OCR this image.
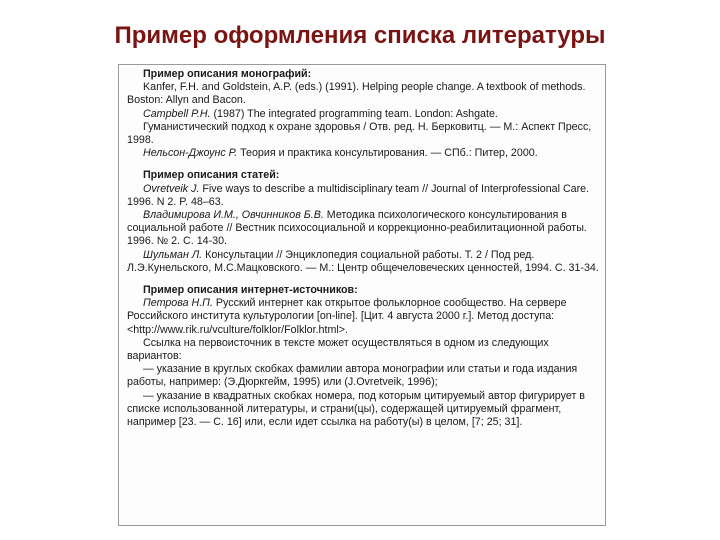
Пример оформления списка литературы
Пример описания монографий:
Kanfer, F.H. and Goldstein, A.P. (eds.) (1991). Helping people change. A textbook of methods. Boston: Allyn and Bacon.
Campbell P.H. (1987) The integrated programming team. London: Ashgate.
Гуманистический подход к охране здоровья / Отв. ред. Н. Берковитц. — М.: Аспект Пресс, 1998.
Нельсон-Джоунс Р. Теория и практика консультирования. — СПб.: Питер, 2000.
Пример описания статей:
Ovretveik J. Five ways to describe a multidisciplinary team // Journal of Interprofessional Care. 1996. N 2. P. 48–63.
Владимирова И.М., Овчинников Б.В. Методика психологического консультирования в социальной работе // Вестник психосоциальной и коррекционно-реабилитационной работы. 1996. № 2. С. 14-30.
Шульман Л. Консультации // Энциклопедия социальной работы. Т. 2 / Под ред. Л.Э.Кунельского, М.С.Мацковского. — М.: Центр общечеловеческих ценностей, 1994. С. 31-34.
Пример описания интернет-источников:
Петрова Н.П. Русский интернет как открытое фольклорное сообщество. На сервере Российского института культурологии [on-line]. [Цит. 4 августа 2000 г.]. Метод доступа: <http://www.rik.ru/vculture/folklor/Folklor.html>.
Ссылка на первоисточник в тексте может осуществляться в одном из следующих вариантов:
— указание в круглых скобках фамилии автора монографии или статьи и года издания работы, например: (Э.Дюркгейм, 1995) или (J.Ovretveik, 1996);
— указание в квадратных скобках номера, под которым цитируемый автор фигурирует в списке использованной литературы, и страни(цы), содержащей цитируемый фрагмент, например [23. — С. 16] или, если идет ссылка на работу(ы) в целом, [7; 25; 31].
